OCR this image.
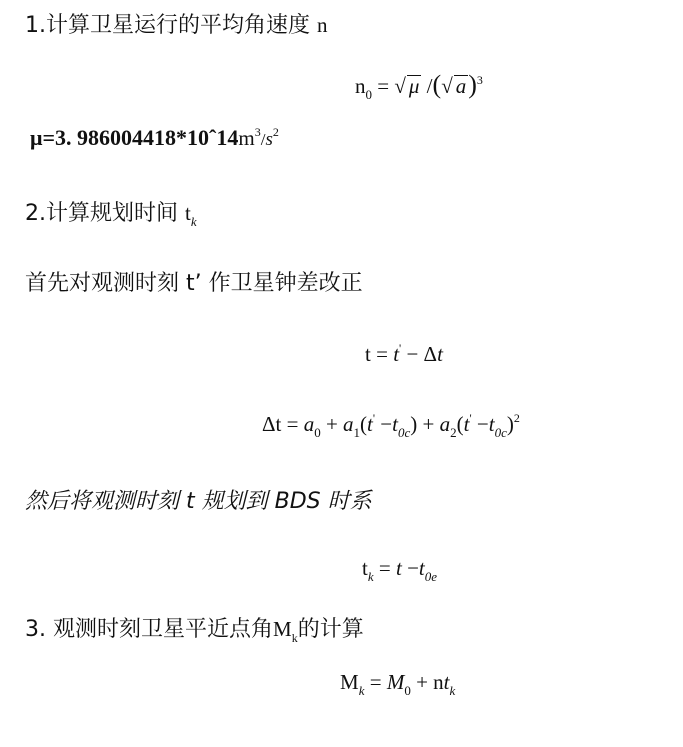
1.计算卫星运行的平均角速度 n
$n_0$ = √ μ /(√ a)$^3$
μ=3. $986004418*10ˆ14m^3/s^2$
2.计算规划时间 $t_k$
首先对观测时刻 t’ 作卫星钟差改正
t = t' − Δt
$\Delta t = a_0 + a_1(t' -t_{0c}) + a_2(t' -t_{0c})^2$
然后将观测时刻 t 规划到 BDS 时系
$t_k = t -t_{0e}$
3. 观测时刻卫星平近点角$M_k$的计算
$M_k = M_0 + nt_k$
